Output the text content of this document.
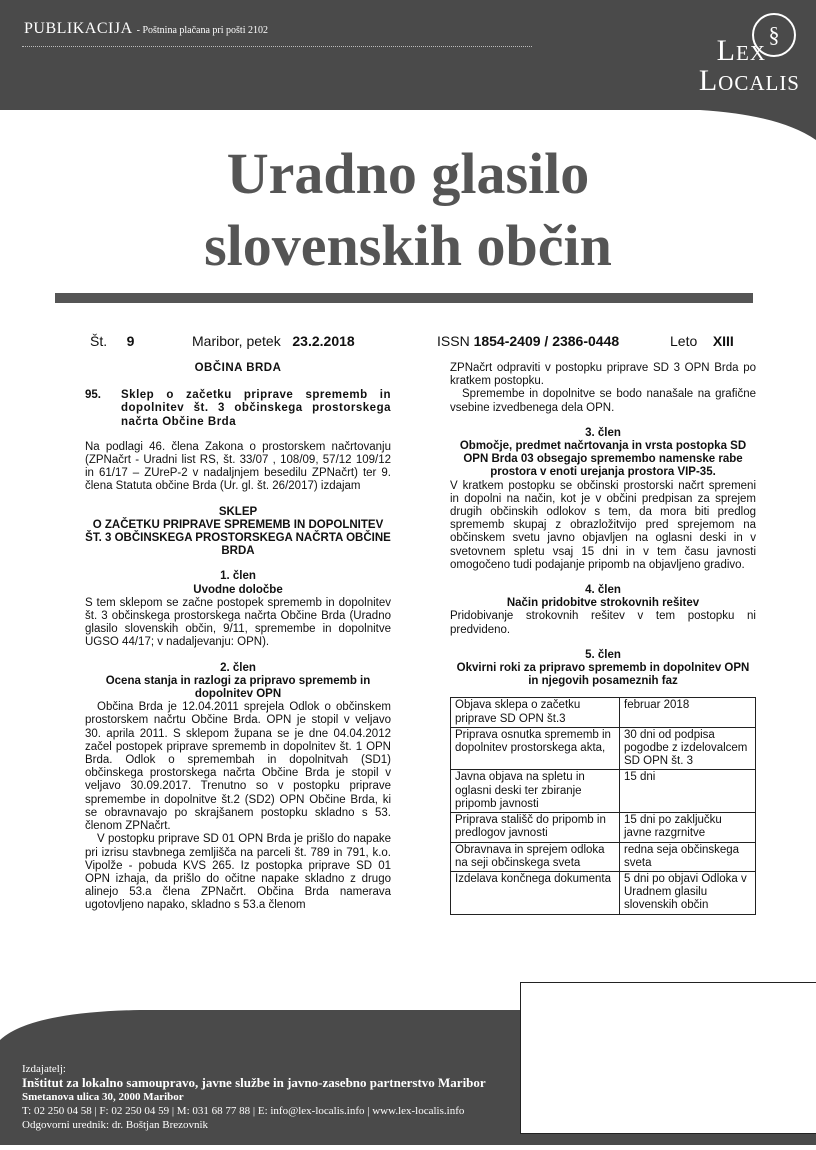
PUBLIKACIJA - Poštnina plačana pri pošti 2102	§
Lex
Localis
Uradno glasilo
slovenskih občin
Št. 9	Maribor, petek 23.2.2018	ISSN 1854-2409 / 2386-0448	Leto XIII

OBČINA BRDA

95.	Sklep o začetku priprave sprememb in dopolnitev št. 3 občinskega prostorskega načrta Občine Brda

Na podlagi 46. člena Zakona o prostorskem načrtovanju (ZPNačrt - Uradni list RS, št. 33/07 , 108/09, 57/12 109/12 in 61/17 – ZUreP-2 v nadaljnjem besedilu ZPNačrt) ter 9. člena Statuta občine Brda (Ur. gl. št. 26/2017) izdajam

SKLEP

O ZAČETKU PRIPRAVE SPREMEMB IN DOPOLNITEV ŠT. 3 OBČINSKEGA PROSTORSKEGA NAČRTA OBČINE BRDA

1. člen

Uvodne določbe

S tem sklepom se začne postopek sprememb in dopolnitev št. 3 občinskega prostorskega načrta Občine Brda (Uradno glasilo slovenskih občin, 9/11, spremembe in dopolnitve UGSO 44/17; v nadaljevanju: OPN).

2. člen

Ocena stanja in razlogi za pripravo sprememb in dopolnitev OPN

Občina Brda je 12.04.2011 sprejela Odlok o občinskem prostorskem načrtu Občine Brda. OPN je stopil v veljavo 30. aprila 2011. S sklepom župana se je dne 04.04.2012 začel postopek priprave sprememb in dopolnitev št. 1 OPN Brda. Odlok o spremembah in dopolnitvah (SD1) občinskega prostorskega načrta Občine Brda je stopil v veljavo 30.09.2017. Trenutno so v postopku priprave spremembe in dopolnitve št.2 (SD2) OPN Občine Brda, ki se obravnavajo po skrajšanem postopku skladno s 53. členom ZPNačrt.

V postopku priprave SD 01 OPN Brda je prišlo do napake pri izrisu stavbnega zemljišča na parceli št. 789 in 791, k.o. Vipolže - pobuda KVS 265. Iz postopka priprave SD 01 OPN izhaja, da prišlo do očitne napake skladno z drugo alinejo 53.a člena ZPNačrt. Občina Brda namerava ugotovljeno napako, skladno s 53.a členom

ZPNačrt odpraviti v postopku priprave SD 3 OPN Brda po kratkem postopku.

Spremembe in dopolnitve se bodo nanašale na grafične vsebine izvedbenega dela OPN.

3. člen

Območje, predmet načrtovanja in vrsta postopka SD OPN Brda 03 obsegajo spremembo namenske rabe prostora v enoti urejanja prostora VIP-35.

V kratkem postopku se občinski prostorski načrt spremeni in dopolni na način, kot je v občini predpisan za sprejem drugih občinskih odlokov s tem, da mora biti predlog sprememb skupaj z obrazložitvijo pred sprejemom na občinskem svetu javno objavljen na oglasni deski in v svetovnem spletu vsaj 15 dni in v tem času javnosti omogočeno tudi podajanje pripomb na objavljeno gradivo.

4. člen

Način pridobitve strokovnih rešitev

Pridobivanje strokovnih rešitev v tem postopku ni predvideno.

5. člen

Okvirni roki za pripravo sprememb in dopolnitev OPN in njegovih posameznih faz

Objava sklepa o začetku priprave SD OPN št.3	februar 2018
Priprava osnutka sprememb in dopolnitev prostorskega akta,	30 dni od podpisa pogodbe z izdelovalcem SD OPN št. 3
Javna objava na spletu in oglasni deski ter zbiranje pripomb javnosti	15 dni
Priprava stališč do pripomb in predlogov javnosti	15 dni po zaključku javne razgrnitve
Obravnava in sprejem odloka na seji občinskega sveta	redna seja občinskega sveta
Izdelava končnega dokumenta	5 dni po objavi Odloka v Uradnem glasilu slovenskih občin
Izdajatelj:
Inštitut za lokalno samoupravo, javne službe in javno-zasebno partnerstvo Maribor
Smetanova ulica 30, 2000 Maribor
T: 02 250 04 58 | F: 02 250 04 59 | M: 031 68 77 88 | E: info@lex-localis.info | www.lex-localis.info
Odgovorni urednik: dr. Boštjan Brezovnik
